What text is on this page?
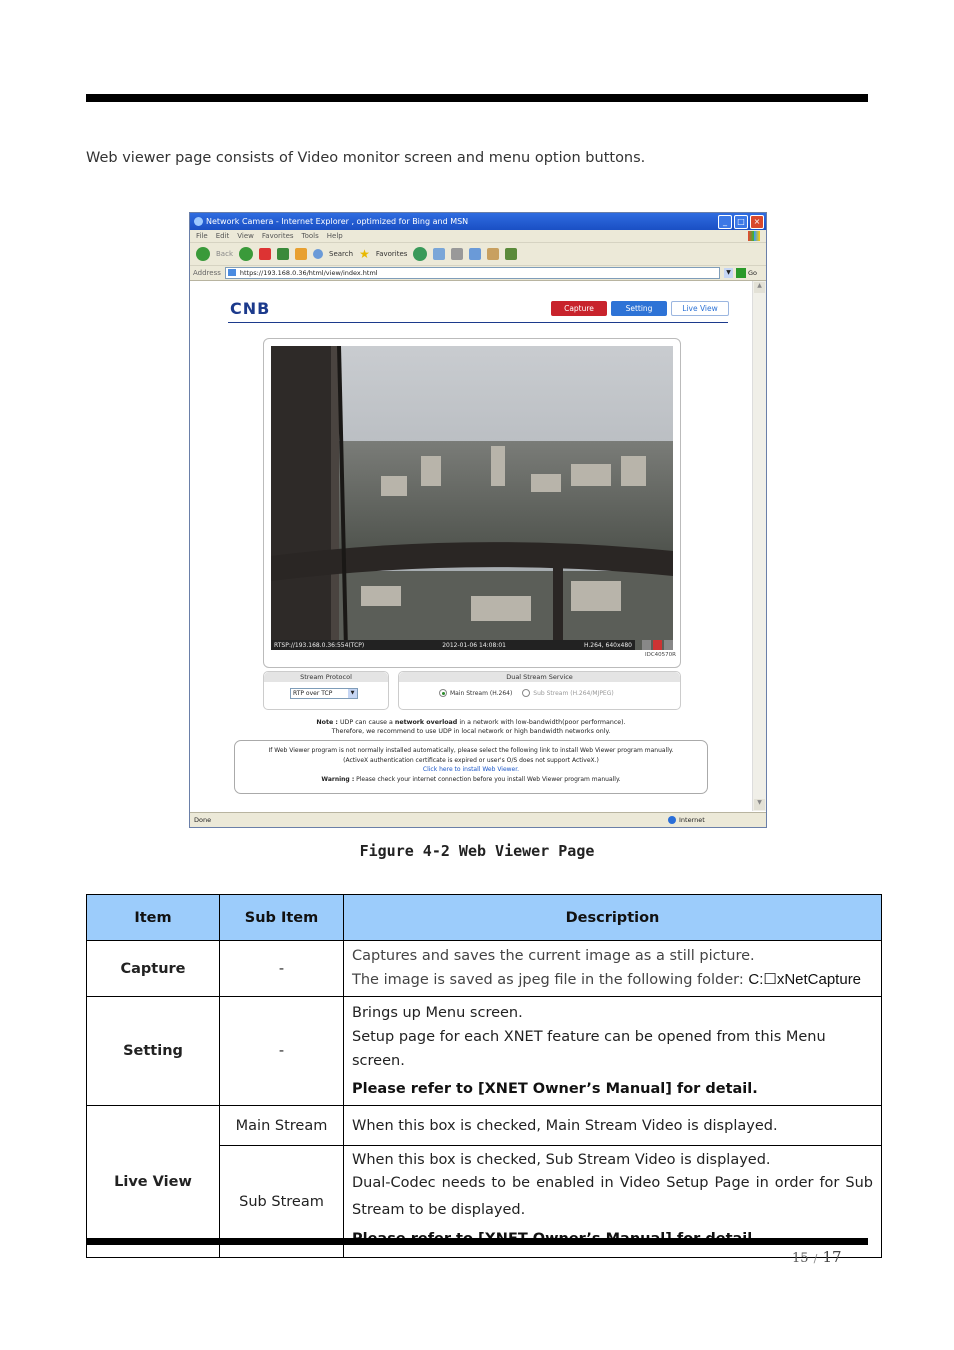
Web viewer page consists of Video monitor screen and menu option buttons.
Network Camera - Internet Explorer , optimized for Bing and MSN	_	□	×
File Edit View Favorites Tools Help
Back	Search ★ Favorites
Address	https://193.168.0.36/html/view/index.html	▼	Go
CNB	Capture	Setting	Live View
RTSP://193.168.0.36:554(TCP)	2012-01-06 14:08:01	H.264, 640x480
IDC40570R
Stream Protocol
RTP over TCP	▼
Dual Stream Service
Main Stream (H.264)	Sub Stream (H.264/MJPEG)
Note : UDP can cause a network overload in a network with low-bandwidth(poor performance).
Therefore, we recommend to use UDP in local network or high bandwidth networks only.
If Web Viewer program is not normally installed automatically, please select the following link to install Web Viewer program manually.
(ActiveX authentication certificate is expired or user's O/S does not support ActiveX.)
Click here to install Web Viewer.
Warning : Please check your internet connection before you install Web Viewer program manually.
▲
▼
Done	Internet
Figure 4-2 Web Viewer Page
Item	Sub Item	Description
Capture	-	Captures and saves the current image as a still picture.
The image is saved as jpeg file in the following folder: C:☐xNetCapture

Setting	-	Brings up Menu screen.
Setup page for each XNET feature can be opened from this Menu screen.
Please refer to [XNET Owner’s Manual] for detail.

Live View	Main Stream	When this box is checked, Main Stream Video is displayed.
	Sub Stream	When this box is checked, Sub Stream Video is displayed.
Dual-Codec needs to be enabled in Video Setup Page in order for Sub Stream to be displayed.
15 / 17
